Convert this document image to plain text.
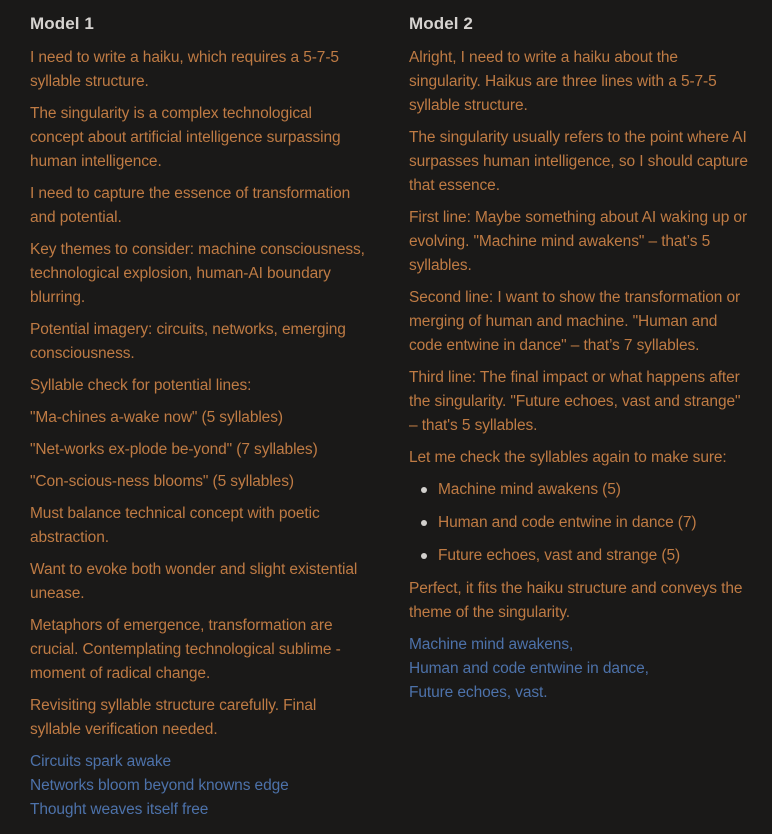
Model 1

I need to write a haiku, which requires a 5-7-5 syllable structure.

The singularity is a complex technological concept about artificial intelligence surpassing human intelligence.

I need to capture the essence of transformation and potential.

Key themes to consider: machine consciousness, technological explosion, human-AI boundary blurring.

Potential imagery: circuits, networks, emerging consciousness.

Syllable check for potential lines:

"Ma-chines a-wake now" (5 syllables)

"Net-works ex-plode be-yond" (7 syllables)

"Con-scious-ness blooms" (5 syllables)

Must balance technical concept with poetic abstraction.

Want to evoke both wonder and slight existential unease.

Metaphors of emergence, transformation are crucial. Contemplating technological sublime - moment of radical change.

Revisiting syllable structure carefully. Final syllable verification needed.

Circuits spark awake
Networks bloom beyond knowns edge
Thought weaves itself free

Model 2

Alright, I need to write a haiku about the singularity. Haikus are three lines with a 5-7-5 syllable structure.

The singularity usually refers to the point where AI surpasses human intelligence, so I should capture that essence.

First line: Maybe something about AI waking up or evolving. "Machine mind awakens" – that’s 5 syllables.

Second line: I want to show the transformation or merging of human and machine. "Human and code entwine in dance" – that’s 7 syllables.

Third line: The final impact or what happens after the singularity. "Future echoes, vast and strange" – that's 5 syllables.

Let me check the syllables again to make sure:

Machine mind awakens (5)
Human and code entwine in dance (7)
Future echoes, vast and strange (5)

Perfect, it fits the haiku structure and conveys the theme of the singularity.

Machine mind awakens,
Human and code entwine in dance,
Future echoes, vast.
